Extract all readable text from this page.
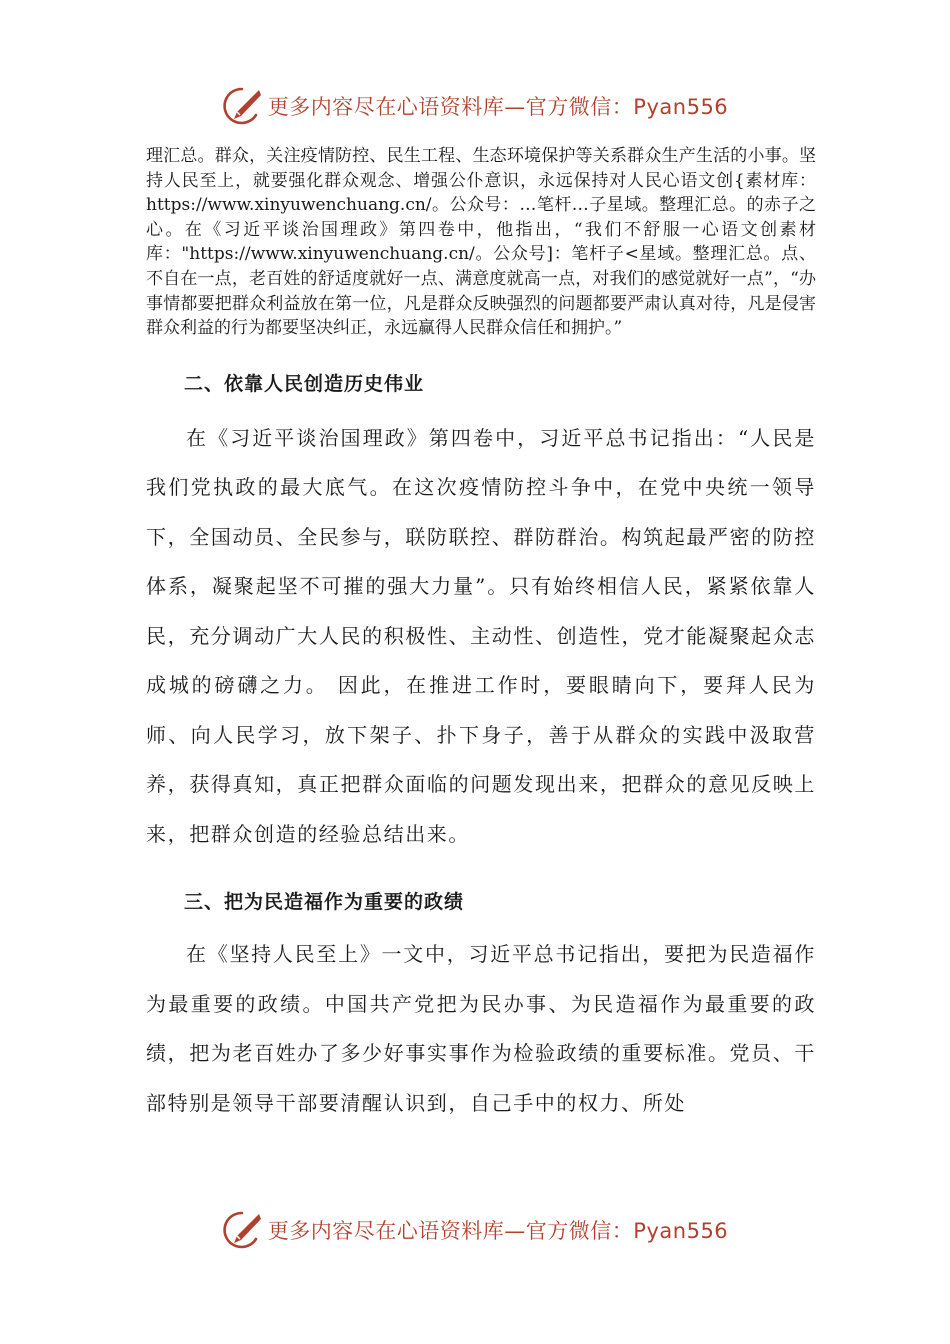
更多内容尽在心语资料库—官方微信：Pyan556

理汇总。群众，关注疫情防控、民生工程、生态环境保护等关系群众生产生活的小事。坚持人民至上，就要强化群众观念、增强公仆意识，永远保持对人民心语文创{素材库：https://www.xinyuwenchuang.cn/。公众号：…笔杆…子星域。整理汇总。的赤子之心。在《习近平谈治国理政》第四卷中，他指出，“我们不舒服一心语文创素材库："https://www.xinyuwenchuang.cn/。公众号]：笔杆子<星域。整理汇总。点、不自在一点，老百姓的舒适度就好一点、满意度就高一点，对我们的感觉就好一点”，“办事情都要把群众利益放在第一位，凡是群众反映强烈的问题都要严肃认真对待，凡是侵害群众利益的行为都要坚决纠正，永远赢得人民群众信任和拥护。”

二、依靠人民创造历史伟业

在《习近平谈治国理政》第四卷中，习近平总书记指出：“人民是我们党执政的最大底气。在这次疫情防控斗争中，在党中央统一领导下，全国动员、全民参与，联防联控、群防群治。构筑起最严密的防控体系，凝聚起坚不可摧的强大力量”。只有始终相信人民，紧紧依靠人民，充分调动广大人民的积极性、主动性、创造性，党才能凝聚起众志成城的磅礴之力。 因此，在推进工作时，要眼睛向下，要拜人民为师、向人民学习，放下架子、扑下身子，善于从群众的实践中汲取营养，获得真知，真正把群众面临的问题发现出来，把群众的意见反映上来，把群众创造的经验总结出来。

三、把为民造福作为重要的政绩

在《坚持人民至上》一文中，习近平总书记指出，要把为民造福作为最重要的政绩。中国共产党把为民办事、为民造福作为最重要的政绩，把为老百姓办了多少好事实事作为检验政绩的重要标准。党员、干部特别是领导干部要清醒认识到，自己手中的权力、所处

更多内容尽在心语资料库—官方微信：Pyan556
